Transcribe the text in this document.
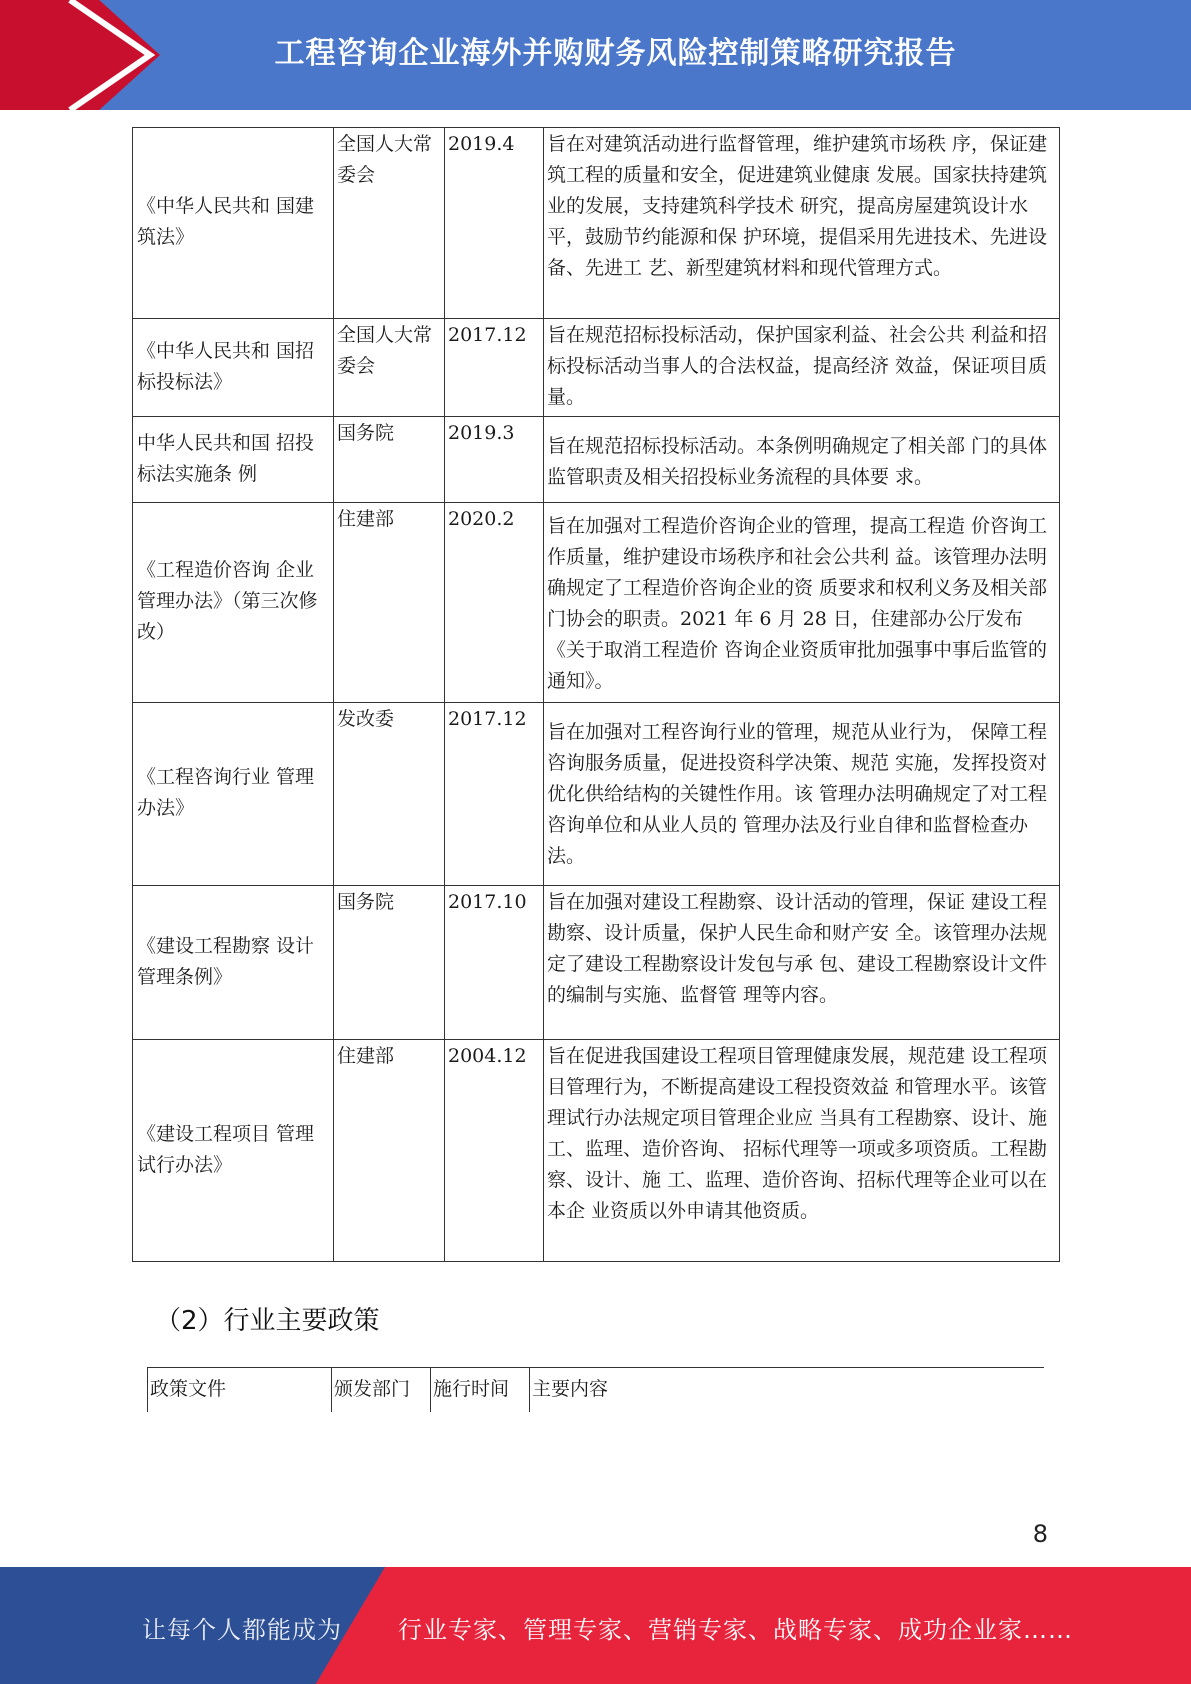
工程咨询企业海外并购财务风险控制策略研究报告
《中华人民共和 国建筑法》	全国人大常委会	2019.4	旨在对建筑活动进行监督管理，维护建筑市场秩 序，保证建筑工程的质量和安全，促进建筑业健康 发展。国家扶持建筑业的发展，支持建筑科学技术 研究，提高房屋建筑设计水平，鼓励节约能源和保 护环境，提倡采用先进技术、先进设备、先进工 艺、新型建筑材料和现代管理方式。
《中华人民共和 国招标投标法》	全国人大常委会	2017.12	旨在规范招标投标活动，保护国家利益、社会公共 利益和招标投标活动当事人的合法权益，提高经济 效益，保证项目质量。
中华人民共和国 招投标法实施条 例	国务院	2019.3	旨在规范招标投标活动。本条例明确规定了相关部 门的具体监管职责及相关招投标业务流程的具体要 求。
《工程造价咨询 企业管理办法》（第三次修改）	住建部	2020.2	旨在加强对工程造价咨询企业的管理，提高工程造 价咨询工作质量，维护建设市场秩序和社会公共利 益。该管理办法明确规定了工程造价咨询企业的资 质要求和权利义务及相关部门协会的职责。2021 年 6 月 28 日，住建部办公厅发布《关于取消工程造价 咨询企业资质审批加强事中事后监管的通知》。
《工程咨询行业 管理办法》	发改委	2017.12	旨在加强对工程咨询行业的管理，规范从业行为， 保障工程咨询服务质量，促进投资科学决策、规范 实施，发挥投资对优化供给结构的关键性作用。该 管理办法明确规定了对工程咨询单位和从业人员的 管理办法及行业自律和监督检查办法。
《建设工程勘察 设计管理条例》	国务院	2017.10	旨在加强对建设工程勘察、设计活动的管理，保证 建设工程勘察、设计质量，保护人民生命和财产安 全。该管理办法规定了建设工程勘察设计发包与承 包、建设工程勘察设计文件的编制与实施、监督管 理等内容。
《建设工程项目 管理试行办法》	住建部	2004.12	旨在促进我国建设工程项目管理健康发展，规范建 设工程项目管理行为，不断提高建设工程投资效益 和管理水平。该管理试行办法规定项目管理企业应 当具有工程勘察、设计、施工、监理、造价咨询、 招标代理等一项或多项资质。工程勘察、设计、施 工、监理、造价咨询、招标代理等企业可以在本企 业资质以外申请其他资质。
（2）行业主要政策
政策文件	颁发部门	施行时间	主要内容
8
让每个人都能成为 行业专家、管理专家、营销专家、战略专家、成功企业家……
